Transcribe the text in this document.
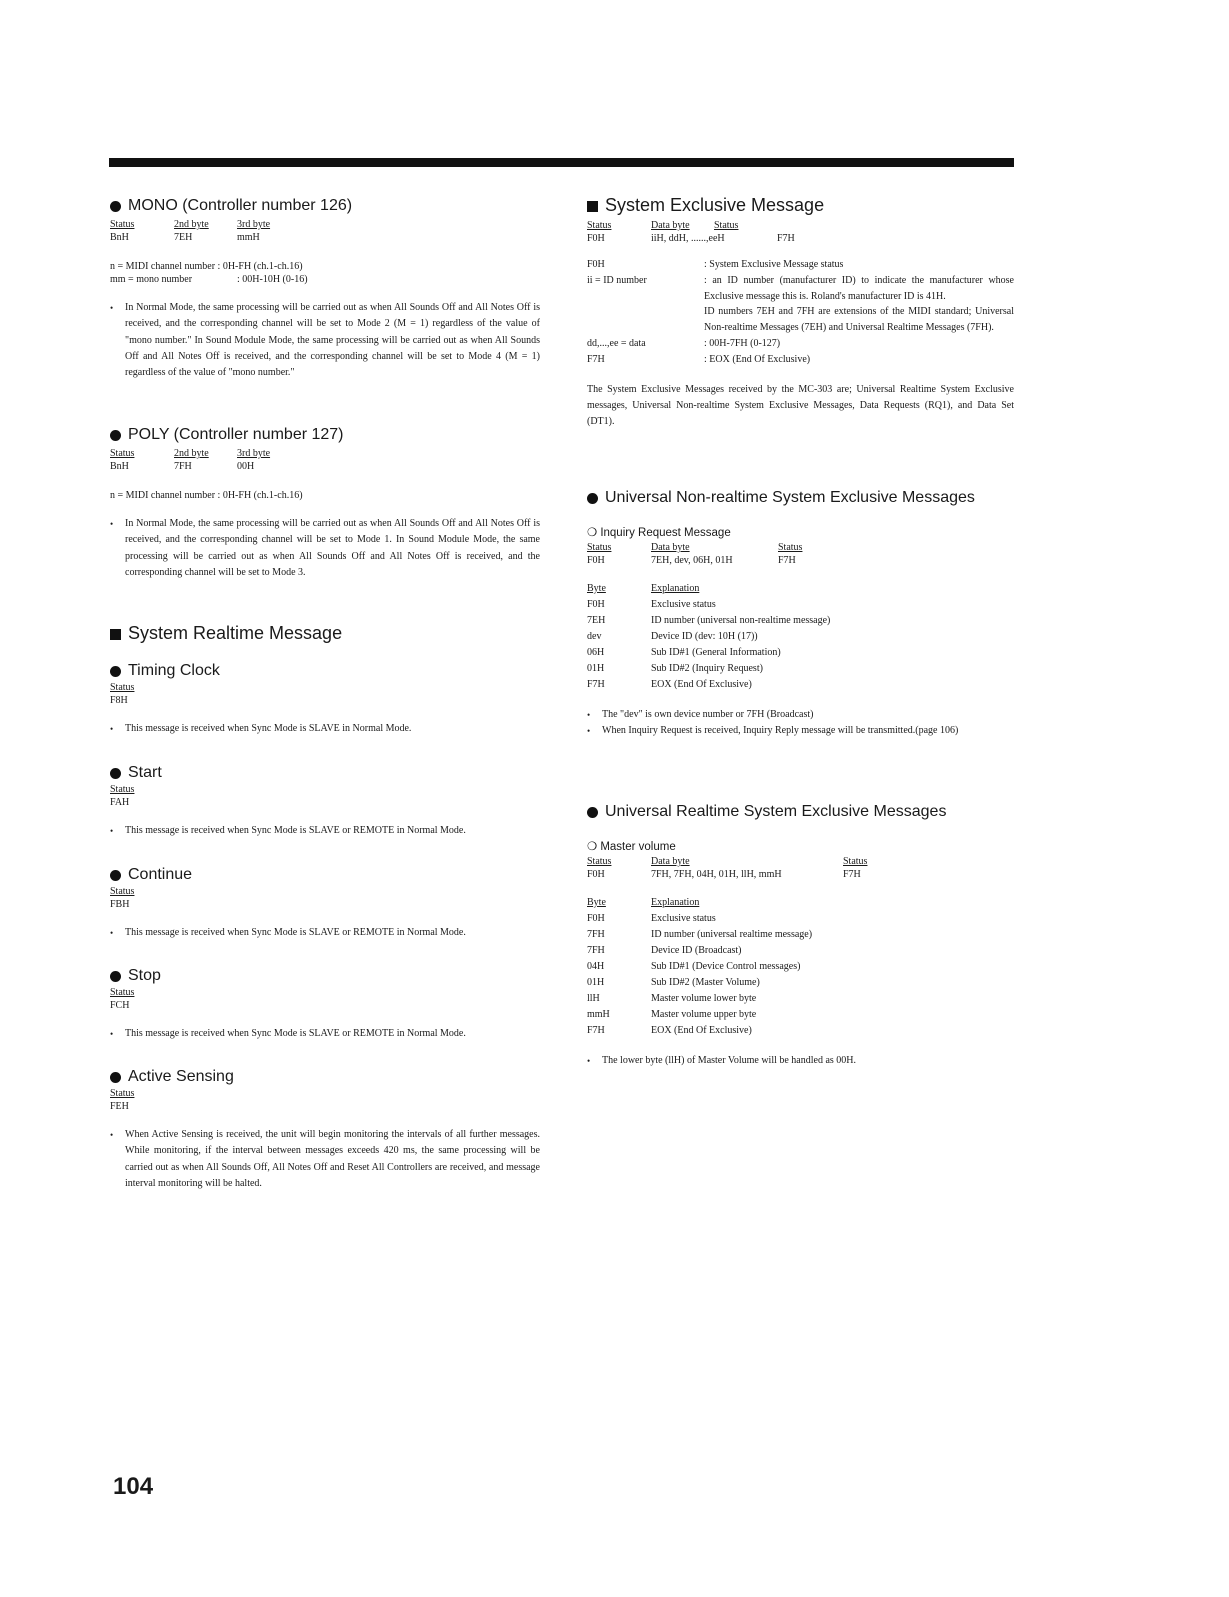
MONO (Controller number 126)
Status	2nd byte	3rd byte
BnH	7EH	mmH
n = MIDI channel number : 0H-FH (ch.1-ch.16)
mm = mono number	: 00H-10H (0-16)
•	In Normal Mode, the same processing will be carried out as when All Sounds Off and All Notes Off is received, and the corresponding channel will be set to Mode 2 (M = 1) regardless of the value of "mono number." In Sound Module Mode, the same processing will be carried out as when All Sounds Off and All Notes Off is received, and the corresponding channel will be set to Mode 4 (M = 1) regardless of the value of "mono number."
POLY (Controller number 127)
Status	2nd byte	3rd byte
BnH	7FH	00H
n = MIDI channel number : 0H-FH (ch.1-ch.16)
•	In Normal Mode, the same processing will be carried out as when All Sounds Off and All Notes Off is received, and the corresponding channel will be set to Mode 1. In Sound Module Mode, the same processing will be carried out as when All Sounds Off and All Notes Off is received, and the corresponding channel will be set to Mode 3.
System Realtime Message
Timing Clock
Status
F8H
•	This message is received when Sync Mode is SLAVE in Normal Mode.
Start
Status
FAH
•	This message is received when Sync Mode is SLAVE or REMOTE in Normal Mode.
Continue
Status
FBH
•	This message is received when Sync Mode is SLAVE or REMOTE in Normal Mode.
Stop
Status
FCH
•	This message is received when Sync Mode is SLAVE or REMOTE in Normal Mode.
Active Sensing
Status
FEH
•	When Active Sensing is received, the unit will begin monitoring the intervals of all further messages. While monitoring, if the interval between messages exceeds 420 ms, the same processing will be carried out as when All Sounds Off, All Notes Off and Reset All Controllers are received, and message interval monitoring will be halted.
System Exclusive Message
Status	Data byte	Status
F0H	iiH, ddH, ......,eeH	F7H
F0H	: System Exclusive Message status
ii = ID number	: an ID number (manufacturer ID) to indicate the manufacturer whose Exclusive message this is. Roland's manufacturer ID is 41H.
ID numbers 7EH and 7FH are extensions of the MIDI standard; Universal Non-realtime Messages (7EH) and Universal Realtime Messages (7FH).
dd,...,ee = data	: 00H-7FH (0-127)
F7H	: EOX (End Of Exclusive)

The System Exclusive Messages received by the MC-303 are; Universal Realtime System Exclusive messages, Universal Non-realtime System Exclusive Messages, Data Requests (RQ1), and Data Set (DT1).

Universal Non-realtime System Exclusive Messages
❍ Inquiry Request Message
Status	Data byte	Status
F0H	7EH, dev, 06H, 01H	F7H
Byte	Explanation
F0H	Exclusive status
7EH	ID number (universal non-realtime message)
dev	Device ID (dev: 10H (17))
06H	Sub ID#1 (General Information)
01H	Sub ID#2 (Inquiry Request)
F7H	EOX (End Of Exclusive)
•	The "dev" is own device number or 7FH (Broadcast)
•	When Inquiry Request is received, Inquiry Reply message will be transmitted.(page 106)
Universal Realtime System Exclusive Messages
❍ Master volume
Status	Data byte	Status
F0H	7FH, 7FH, 04H, 01H, llH, mmH	F7H
Byte	Explanation
F0H	Exclusive status
7FH	ID number (universal realtime message)
7FH	Device ID (Broadcast)
04H	Sub ID#1 (Device Control messages)
01H	Sub ID#2 (Master Volume)
llH	Master volume lower byte
mmH	Master volume upper byte
F7H	EOX (End Of Exclusive)
•	The lower byte (llH) of Master Volume will be handled as 00H.
104
